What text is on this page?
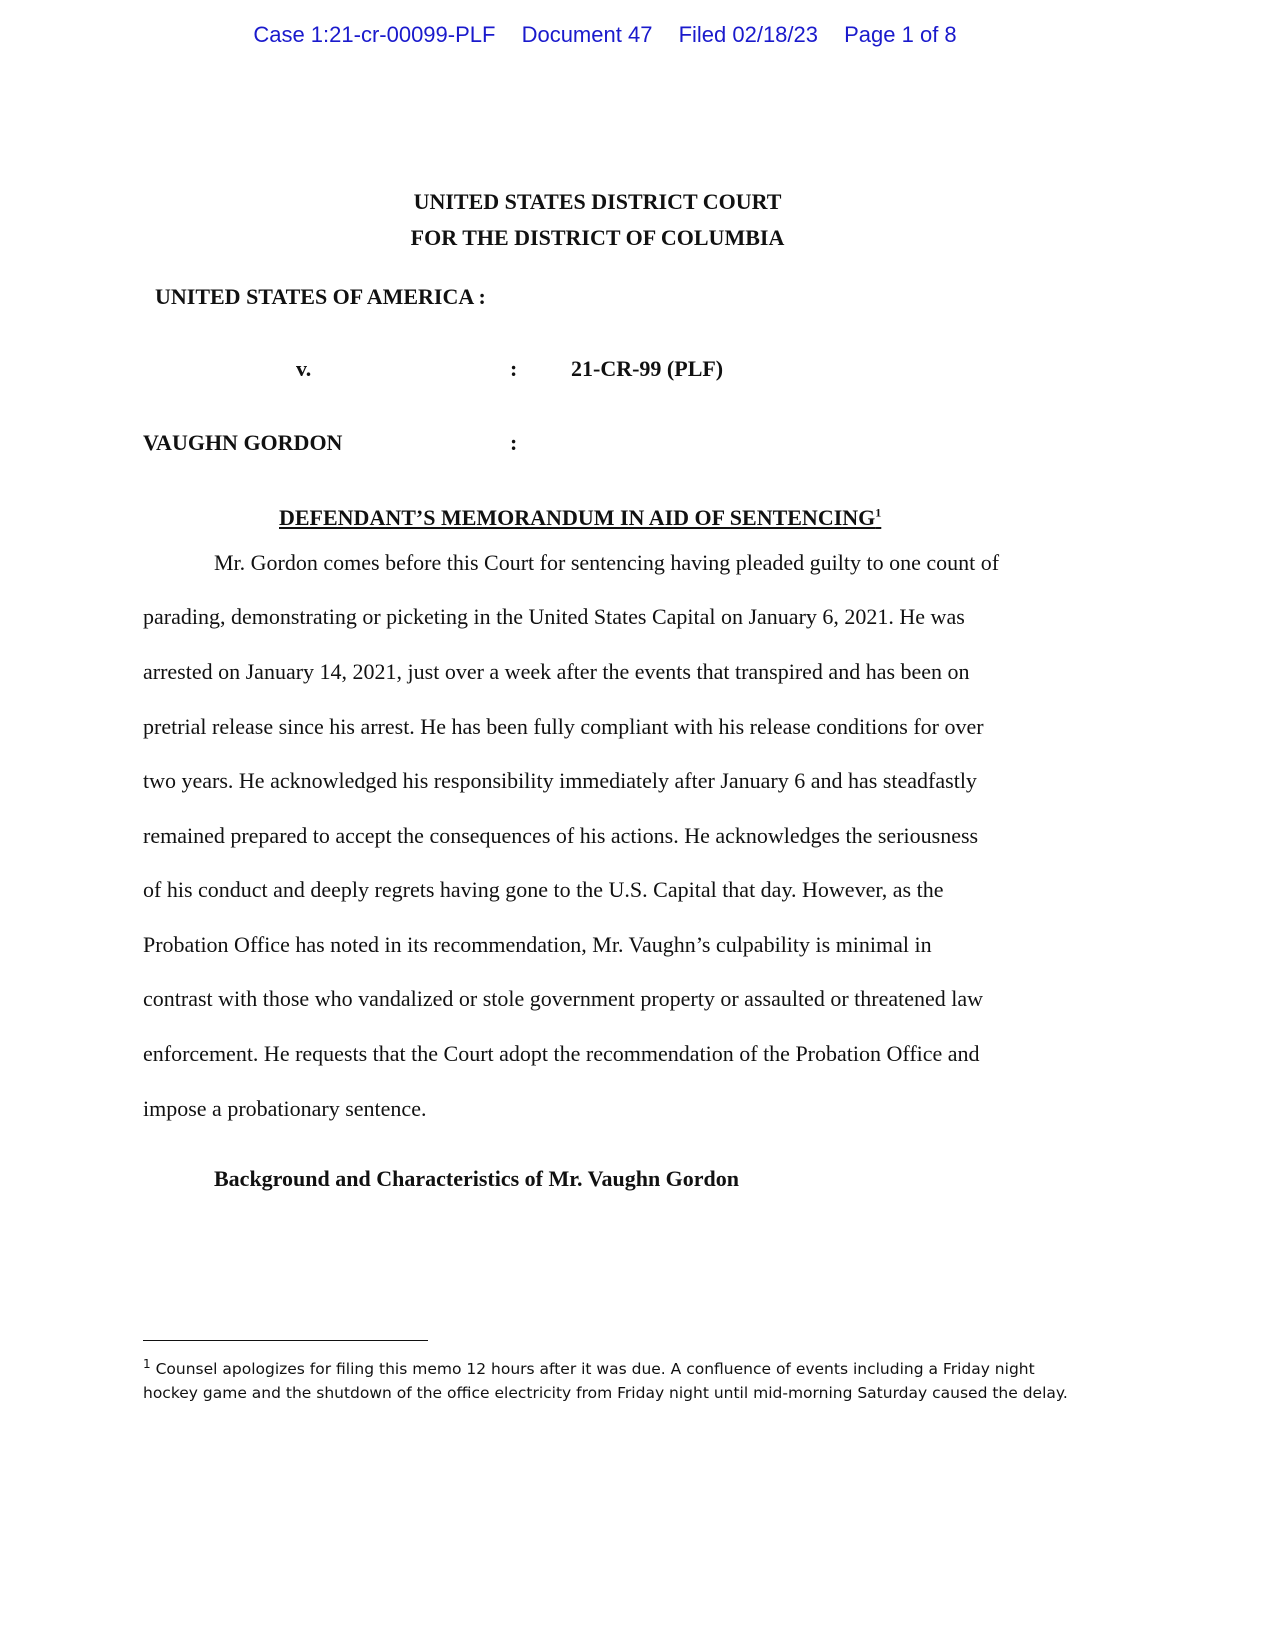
Case 1:21-cr-00099-PLF Document 47 Filed 02/18/23 Page 1 of 8
UNITED STATES DISTRICT COURT
FOR THE DISTRICT OF COLUMBIA
UNITED STATES OF AMERICA :
v.	: 21-CR-99 (PLF)
VAUGHN GORDON	:
DEFENDANT’S MEMORANDUM IN AID OF SENTENCING$^1$
Mr. Gordon comes before this Court for sentencing having pleaded guilty to one count of
parading, demonstrating or picketing in the United States Capital on January 6, 2021. He was
arrested on January 14, 2021, just over a week after the events that transpired and has been on
pretrial release since his arrest. He has been fully compliant with his release conditions for over
two years. He acknowledged his responsibility immediately after January 6 and has steadfastly
remained prepared to accept the consequences of his actions. He acknowledges the seriousness
of his conduct and deeply regrets having gone to the U.S. Capital that day. However, as the
Probation Office has noted in its recommendation, Mr. Vaughn’s culpability is minimal in
contrast with those who vandalized or stole government property or assaulted or threatened law
enforcement. He requests that the Court adopt the recommendation of the Probation Office and
impose a probationary sentence.
Background and Characteristics of Mr. Vaughn Gordon
$^1$ Counsel apologizes for filing this memo 12 hours after it was due. A confluence of events including a Friday night hockey game and the shutdown of the office electricity from Friday night until mid-morning Saturday caused the delay.
